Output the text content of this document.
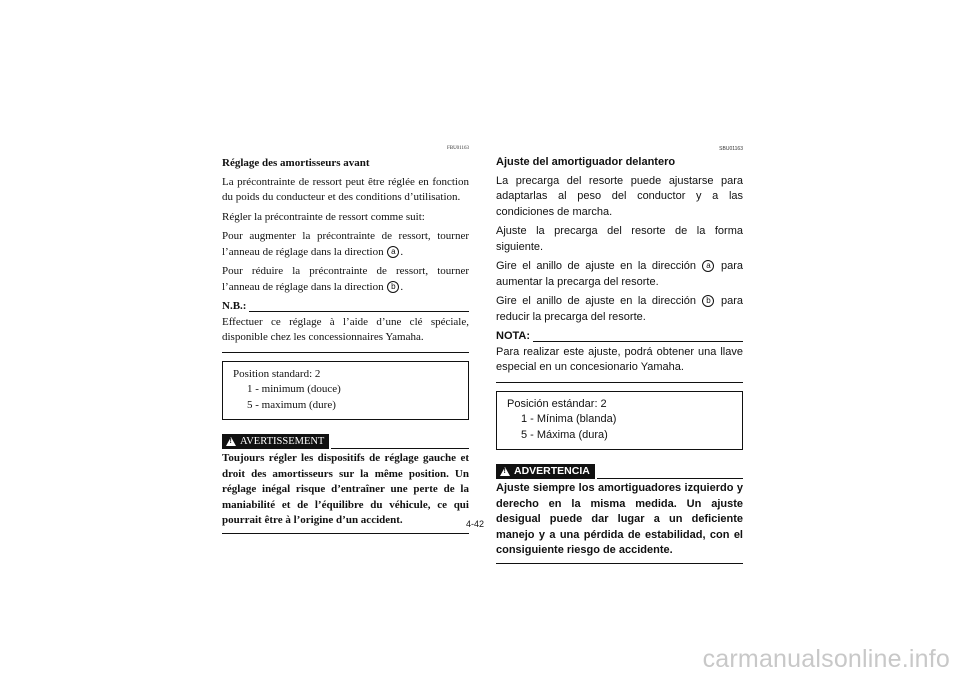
FBU01163
Réglage des amortisseurs avant

La précontrainte de ressort peut être réglée en fonction du poids du conducteur et des conditions d’utilisation.

Régler la précontrainte de ressort comme suit:

Pour augmenter la précontrainte de ressort, tourner l’anneau de réglage dans la direction a .

Pour réduire la précontrainte de ressort, tourner l’anneau de réglage dans la direction b .

N.B.:
Effectuer ce réglage à l’aide d’une clé spéciale, disponible chez les concessionnaires Yamaha.
Position standard: 2
1 - minimum (douce)
5 - maximum (dure)
! AVERTISSEMENT
Toujours régler les dispositifs de réglage gauche et droit des amortisseurs sur la même position. Un réglage inégal risque d’entraîner une perte de la maniabilité et de l’équilibre du véhicule, ce qui pourrait être à l’origine d’un accident.
SBU01163
Ajuste del amortiguador delantero

La precarga del resorte puede ajustarse para adaptarlas al peso del conductor y a las condiciones de marcha.

Ajuste la precarga del resorte de la forma siguiente.

Gire el anillo de ajuste en la dirección a para aumentar la precarga del resorte.

Gire el anillo de ajuste en la dirección b para reducir la precarga del resorte.

NOTA:
Para realizar este ajuste, podrá obtener una llave especial en un concesionario Yamaha.
Posición estándar: 2
1 - Mínima (blanda)
5 - Máxima (dura)
! ADVERTENCIA
Ajuste siempre los amortiguadores izquierdo y derecho en la misma medida. Un ajuste desigual puede dar lugar a un deficiente manejo y a una pérdida de estabilidad, con el consiguiente riesgo de accidente.
4-42
carmanualsonline.info
